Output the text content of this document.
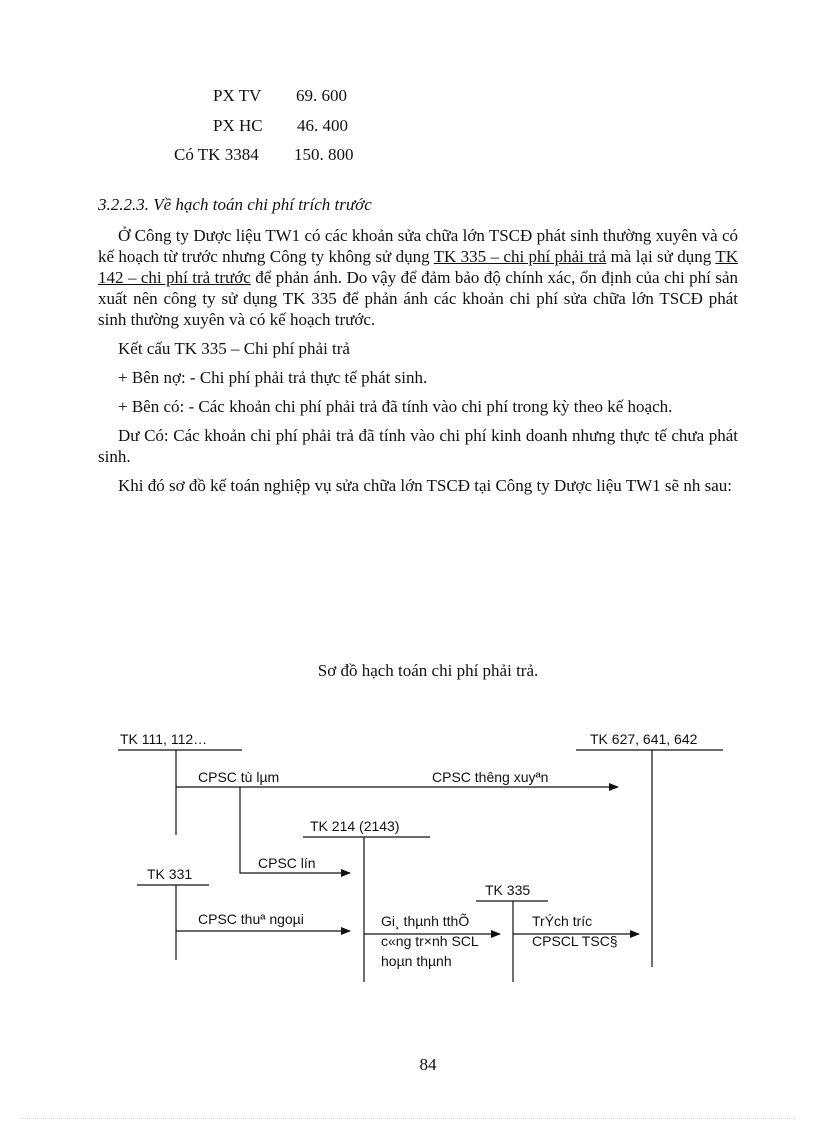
PX TV 69. 600
PX HC 46. 400
Có TK 3384 150. 800
3.2.2.3. Về hạch toán chi phí trích trước

Ở Công ty Dược liệu TW1 có các khoản sửa chữa lớn TSCĐ phát sinh thường xuyên và có kế hoạch từ trước nhưng Công ty không sử dụng TK 335 – chi phí phải trả mà lại sử dụng TK 142 – chi phí trả trước để phản ánh. Do vậy để đảm bảo độ chính xác, ổn định của chi phí sản xuất nên công ty sử dụng TK 335 để phản ánh các khoản chi phí sửa chữa lớn TSCĐ phát sinh thường xuyên và có kế hoạch trước.

Kết cấu TK 335 – Chi phí phải trả

+ Bên nợ: - Chi phí phải trả thực tế phát sinh.

+ Bên có: - Các khoản chi phí phải trả đã tính vào chi phí trong kỳ theo kế hoạch.

Dư Có: Các khoản chi phí phải trả đã tính vào chi phí kinh doanh nhưng thực tế chưa phát sinh.

Khi đó sơ đồ kế toán nghiệp vụ sửa chữa lớn TSCĐ tại Công ty Dược liệu TW1 sẽ nh sau:

Sơ đồ hạch toán chi phí phải trả.
TK 111, 112…	TK 627, 641, 642
TK 214 (2143)
TK 331
TK 335
CPSC tù lµm	CPSC thêng xuyªn
CPSC lín
CPSC thuª ngoµi	Gi¸ thµnh tthÕ
c«ng tr×nh SCL
hoµn thµnh
TrÝch tríc
CPSCL TSC§
84
